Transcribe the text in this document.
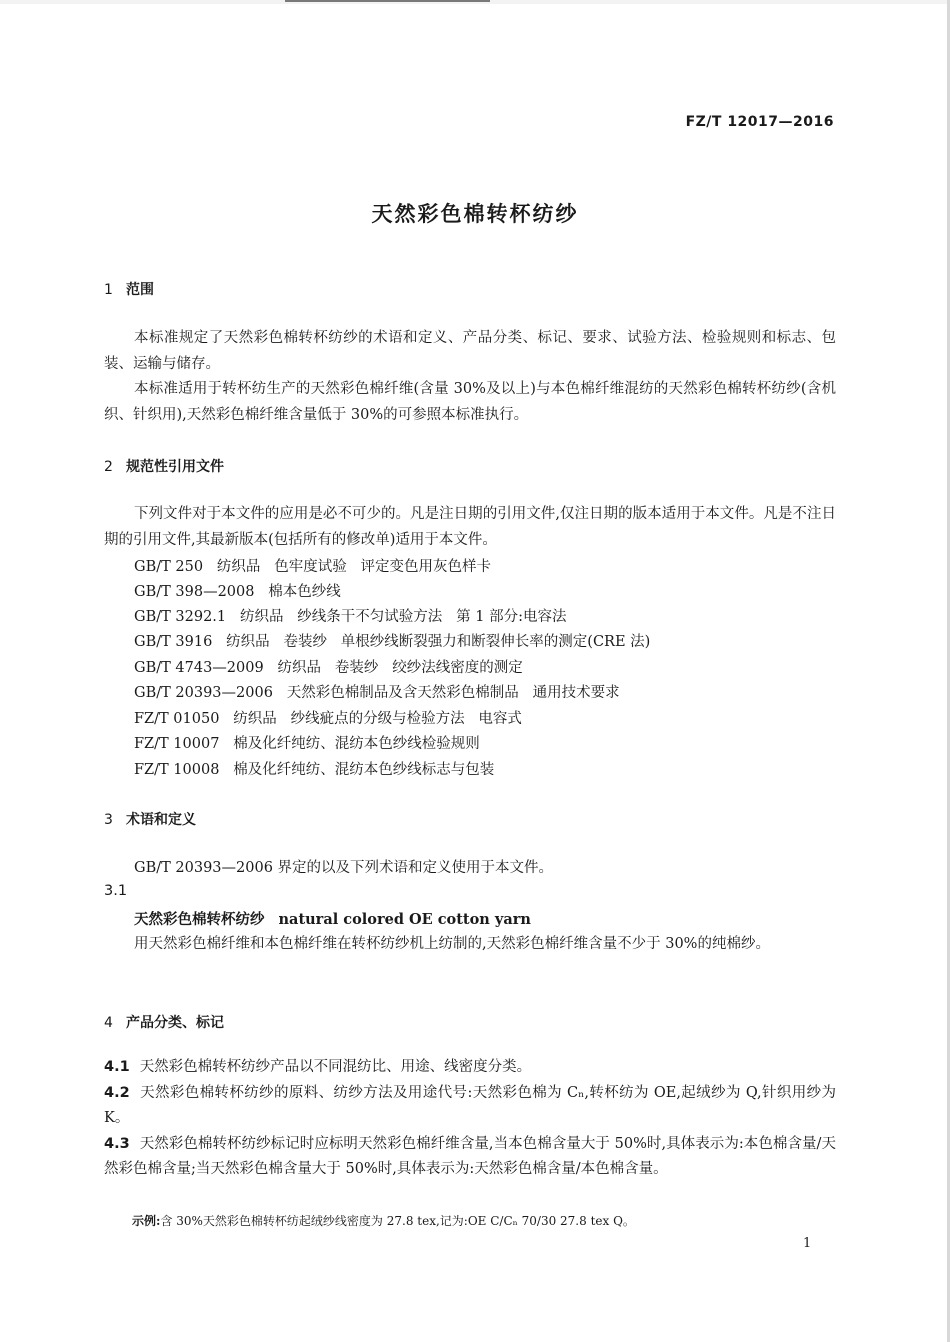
FZ/T 12017—2016
天然彩色棉转杯纺纱
1 范围
本标准规定了天然彩色棉转杯纺纱的术语和定义、产品分类、标记、要求、试验方法、检验规则和标志、包装、运输与储存。
本标准适用于转杯纺生产的天然彩色棉纤维(含量 30%及以上)与本色棉纤维混纺的天然彩色棉转杯纺纱(含机织、针织用),天然彩色棉纤维含量低于 30%的可参照本标准执行。
2 规范性引用文件
下列文件对于本文件的应用是必不可少的。凡是注日期的引用文件,仅注日期的版本适用于本文件。凡是不注日期的引用文件,其最新版本(包括所有的修改单)适用于本文件。
GB/T 250   纺织品   色牢度试验   评定变色用灰色样卡
GB/T 398—2008   棉本色纱线
GB/T 3292.1   纺织品   纱线条干不匀试验方法   第 1 部分:电容法
GB/T 3916   纺织品   卷装纱   单根纱线断裂强力和断裂伸长率的测定(CRE 法)
GB/T 4743—2009   纺织品   卷装纱   绞纱法线密度的测定
GB/T 20393—2006   天然彩色棉制品及含天然彩色棉制品   通用技术要求
FZ/T 01050   纺织品   纱线疵点的分级与检验方法   电容式
FZ/T 10007   棉及化纤纯纺、混纺本色纱线检验规则
FZ/T 10008   棉及化纤纯纺、混纺本色纱线标志与包装
3 术语和定义
GB/T 20393—2006 界定的以及下列术语和定义使用于本文件。
3.1
天然彩色棉转杯纺纱 natural colored OE cotton yarn
用天然彩色棉纤维和本色棉纤维在转杯纺纱机上纺制的,天然彩色棉纤维含量不少于 30%的纯棉纱。
4 产品分类、标记
4.1 天然彩色棉转杯纺纱产品以不同混纺比、用途、线密度分类。
4.2 天然彩色棉转杯纺纱的原料、纺纱方法及用途代号:天然彩色棉为 Cₙ,转杯纺为 OE,起绒纱为 Q,针织用纱为 K。
4.3 天然彩色棉转杯纺纱标记时应标明天然彩色棉纤维含量,当本色棉含量大于 50%时,具体表示为:本色棉含量/天然彩色棉含量;当天然彩色棉含量大于 50%时,具体表示为:天然彩色棉含量/本色棉含量。
示例:含 30%天然彩色棉转杯纺起绒纱线密度为 27.8 tex,记为:OE C/Cₙ 70/30 27.8 tex Q。
1
